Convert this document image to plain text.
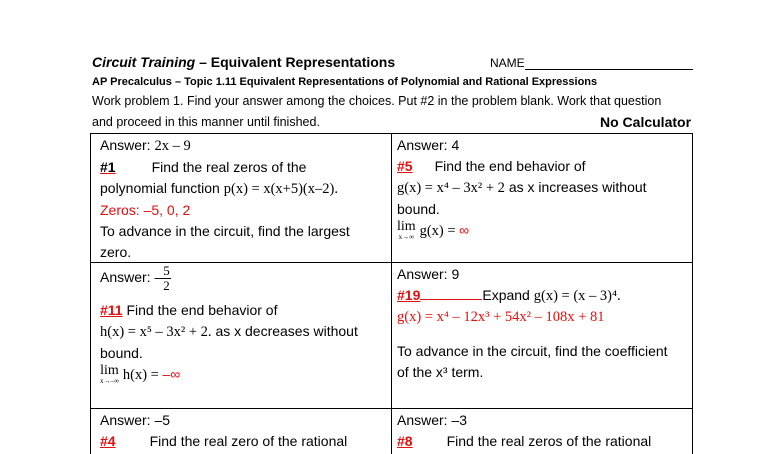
Circuit Training – Equivalent Representations	NAME
AP Precalculus – Topic 1.11 Equivalent Representations of Polynomial and Rational Expressions
Work problem 1. Find your answer among the choices. Put #2 in the problem blank. Work that question
and proceed in this manner until finished.	No Calculator
Answer: 2x – 9
#1	Find the real zeros of the
polynomial function p(x) = x(x+5)(x–2).
Zeros: –5, 0, 2
To advance in the circuit, find the largest
zero.
Answer: 4
#5 Find the end behavior of
g(x) = x⁴ – 3x² + 2 as x increases without
bound.
lim
x→∞ g(x) = ∞
Answer: – $\frac{5}{2}$
#11 Find the end behavior of
h(x) = x⁵ – 3x² + 2. as x decreases without
bound.
lim
x→–∞ h(x) = –∞
Answer: 9
#19	Expand g(x) = (x – 3)⁴.
g(x) = x⁴ – 12x³ + 54x² – 108x + 81
To advance in the circuit, find the coefficient
of the x³ term.
Answer: –5
#4 Find the real zero of the rational
Answer: –3
#8 Find the real zeros of the rational
